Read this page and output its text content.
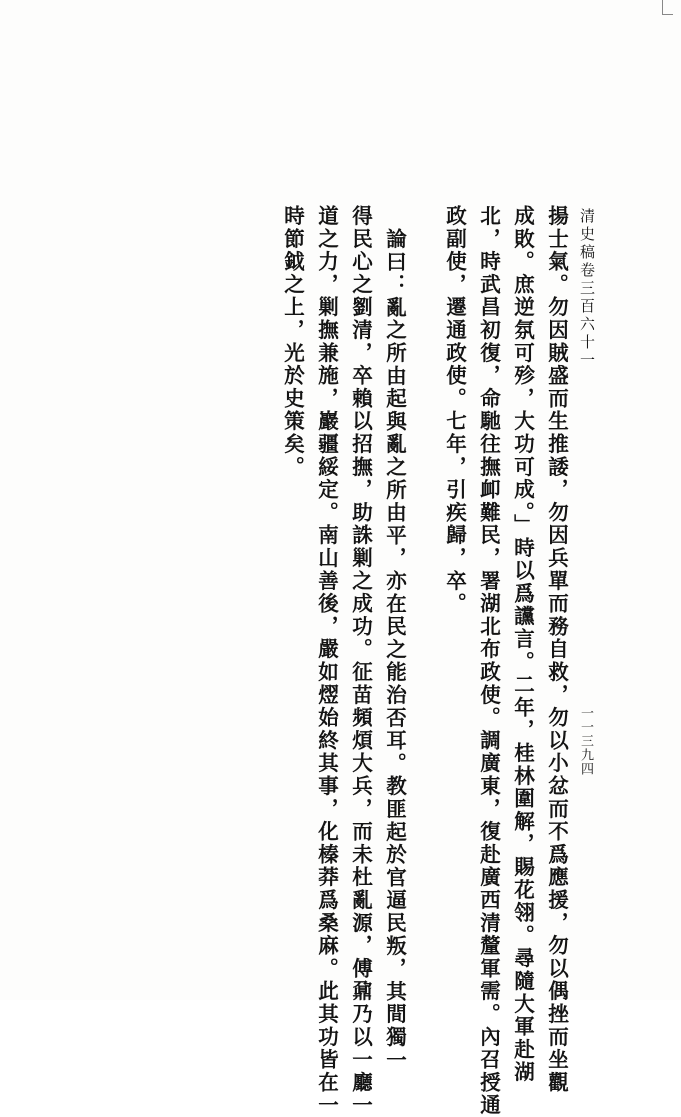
清史稿卷三百六十一
一一三九四
揚士氣。勿因賊盛而生推諉，勿因兵單而務自救，勿以小忿而不爲應援，勿以偶挫而坐觀
成敗。庶逆氛可殄，大功可成。」時以爲讜言。二年，桂林圍解，賜花翎。尋隨大軍赴湖
北，時武昌初復，命馳往撫卹難民，署湖北布政使。調廣東，復赴廣西清釐軍需。內召授通
政副使，遷通政使。七年，引疾歸，卒。
論曰：亂之所由起與亂之所由平，亦在民之能治否耳。教匪起於官逼民叛，其間獨一
得民心之劉清，卒賴以招撫，助誅剿之成功。征苗頻煩大兵，而未杜亂源，傅鼐乃以一廳一
道之力，剿撫兼施，巖疆綏定。南山善後，嚴如熤始終其事，化榛莽爲桑麻。此其功皆在一
時節鉞之上，光於史策矣。
